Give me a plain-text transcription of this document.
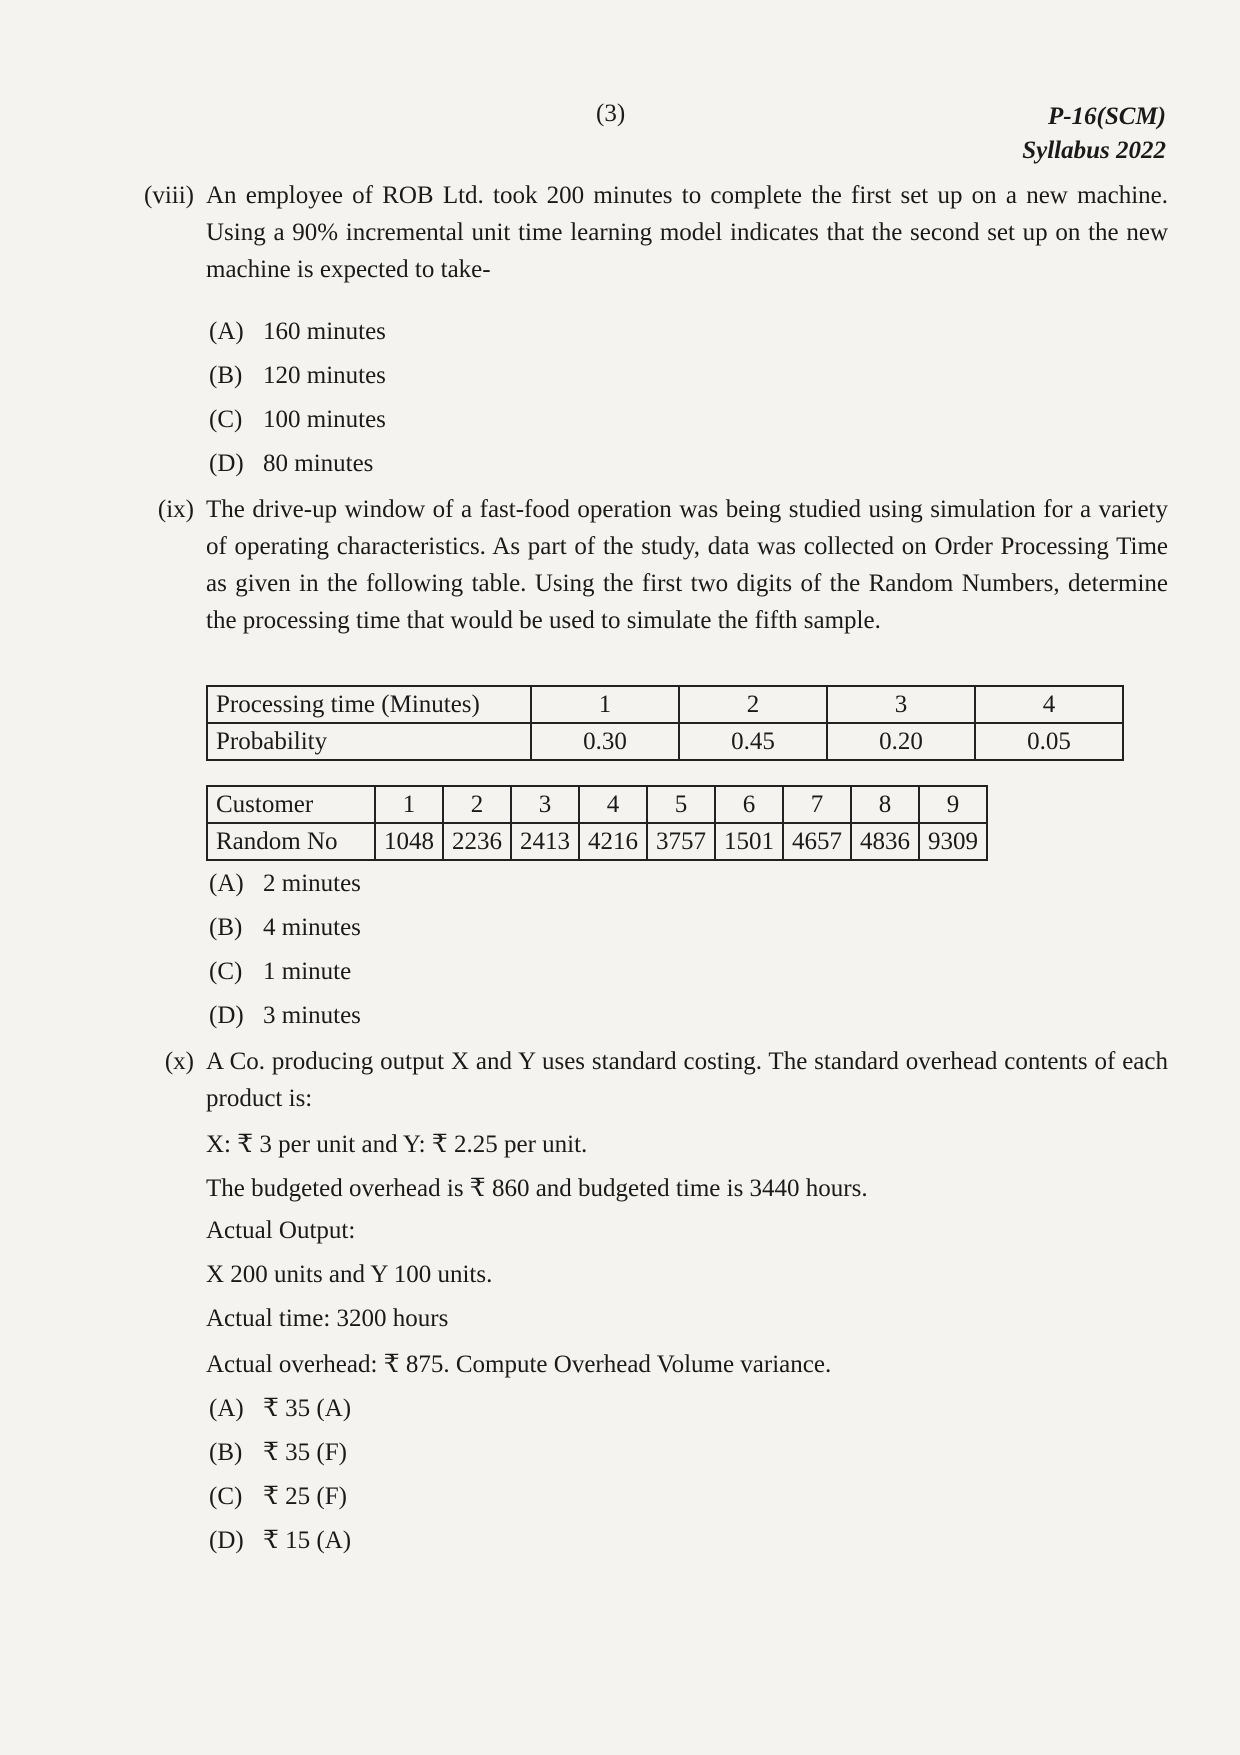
(3)	P-16(SCM)
Syllabus 2022
(viii) An employee of ROB Ltd. took 200 minutes to complete the first set up on a new machine. Using a 90% incremental unit time learning model indicates that the second set up on the new machine is expected to take-
(A) 160 minutes
(B) 120 minutes
(C) 100 minutes
(D) 80 minutes
(ix) The drive-up window of a fast-food operation was being studied using simulation for a variety of operating characteristics. As part of the study, data was collected on Order Processing Time as given in the following table. Using the first two digits of the Random Numbers, determine the processing time that would be used to simulate the fifth sample.
Processing time (Minutes)	1	2	3	4
Probability	0.30	0.45	0.20	0.05
Customer	1	2	3	4	5	6	7	8	9
Random No	1048	2236	2413	4216	3757	1501	4657	4836	9309
(A) 2 minutes
(B) 4 minutes
(C) 1 minute
(D) 3 minutes
(x) A Co. producing output X and Y uses standard costing. The standard overhead contents of each product is:
X: ₹ 3 per unit and Y: ₹ 2.25 per unit.
The budgeted overhead is ₹ 860 and budgeted time is 3440 hours.
Actual Output:
X 200 units and Y 100 units.
Actual time: 3200 hours
Actual overhead: ₹ 875. Compute Overhead Volume variance.
(A) ₹ 35 (A)
(B) ₹ 35 (F)
(C) ₹ 25 (F)
(D) ₹ 15 (A)
